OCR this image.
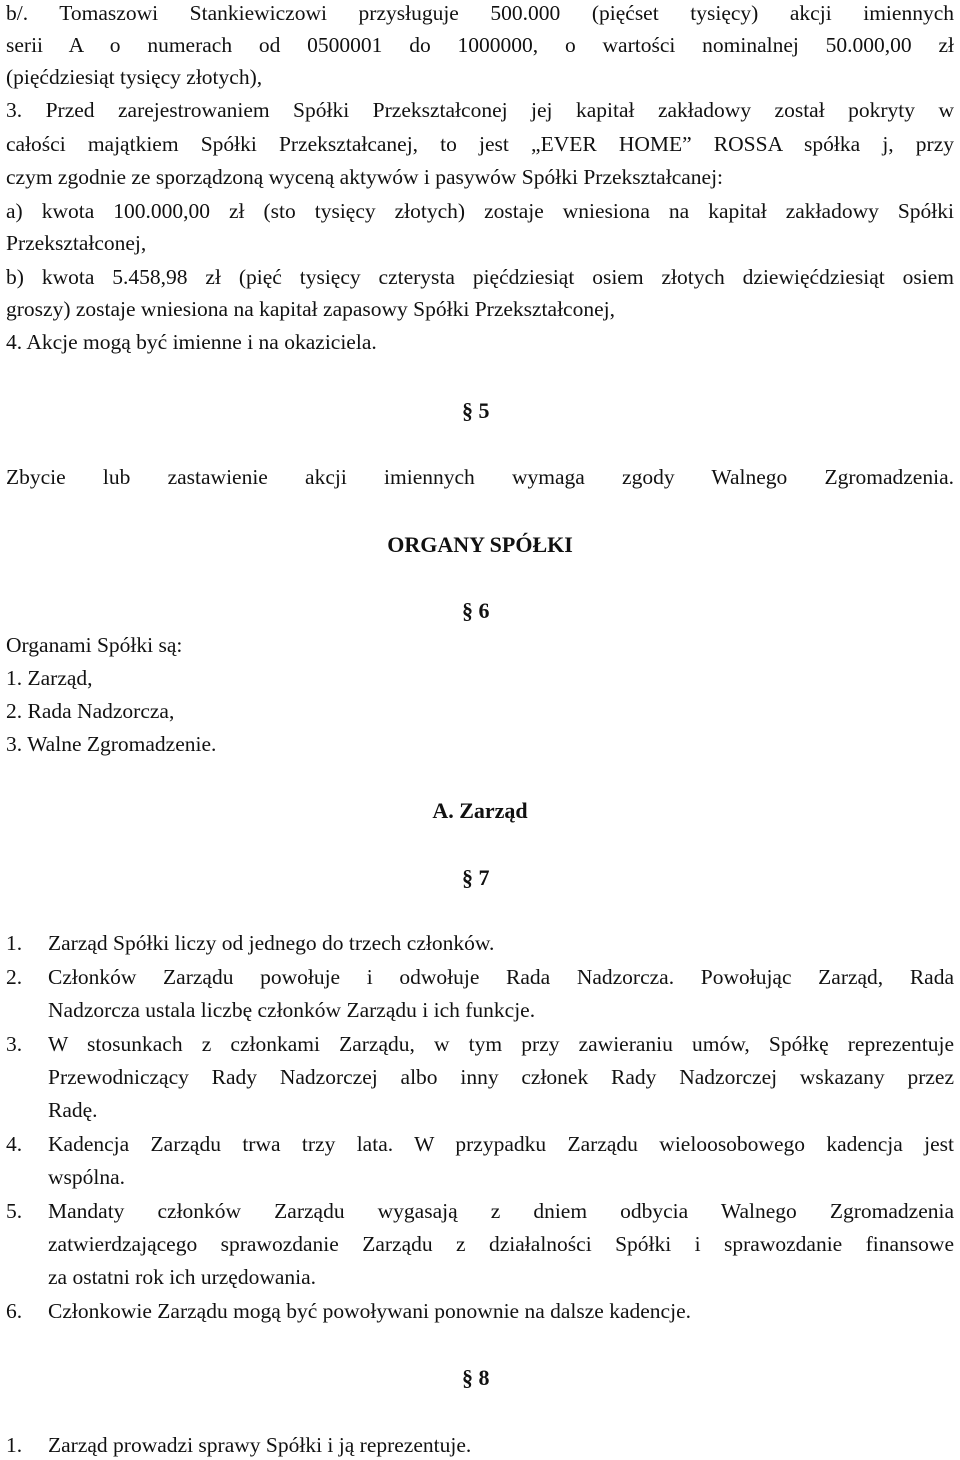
b/. Tomaszowi Stankiewiczowi przysługuje 500.000 (pięćset tysięcy) akcji imiennych
serii A o numerach od 0500001 do 1000000, o wartości nominalnej 50.000,00 zł
(pięćdziesiąt tysięcy złotych),
3. Przed zarejestrowaniem Spółki Przekształconej jej kapitał zakładowy został pokryty w
całości majątkiem Spółki Przekształcanej, to jest „EVER HOME” ROSSA spółka j, przy
czym zgodnie ze sporządzoną wyceną aktywów i pasywów Spółki Przekształcanej:
a) kwota 100.000,00 zł (sto tysięcy złotych) zostaje wniesiona na kapitał zakładowy Spółki
Przekształconej,
b) kwota 5.458,98 zł (pięć tysięcy czterysta pięćdziesiąt osiem złotych dziewięćdziesiąt osiem
groszy) zostaje wniesiona na kapitał zapasowy Spółki Przekształconej,
4. Akcje mogą być imienne i na okaziciela.
§ 5
Zbycie lub zastawienie akcji imiennych wymaga zgody Walnego Zgromadzenia.
ORGANY SPÓŁKI
§ 6
Organami Spółki są:
1. Zarząd,
2. Rada Nadzorcza,
3. Walne Zgromadzenie.
A. Zarząd
§ 7
1. Zarząd Spółki liczy od jednego do trzech członków.
2. Członków Zarządu powołuje i odwołuje Rada Nadzorcza. Powołując Zarząd, Rada
Nadzorcza ustala liczbę członków Zarządu i ich funkcje.
3. W stosunkach z członkami Zarządu, w tym przy zawieraniu umów, Spółkę reprezentuje
Przewodniczący Rady Nadzorczej albo inny członek Rady Nadzorczej wskazany przez
Radę.
4. Kadencja Zarządu trwa trzy lata. W przypadku Zarządu wieloosobowego kadencja jest
wspólna.
5. Mandaty członków Zarządu wygasają z dniem odbycia Walnego Zgromadzenia
zatwierdzającego sprawozdanie Zarządu z działalności Spółki i sprawozdanie finansowe
za ostatni rok ich urzędowania.
6. Członkowie Zarządu mogą być powoływani ponownie na dalsze kadencje.
§ 8
1. Zarząd prowadzi sprawy Spółki i ją reprezentuje.
